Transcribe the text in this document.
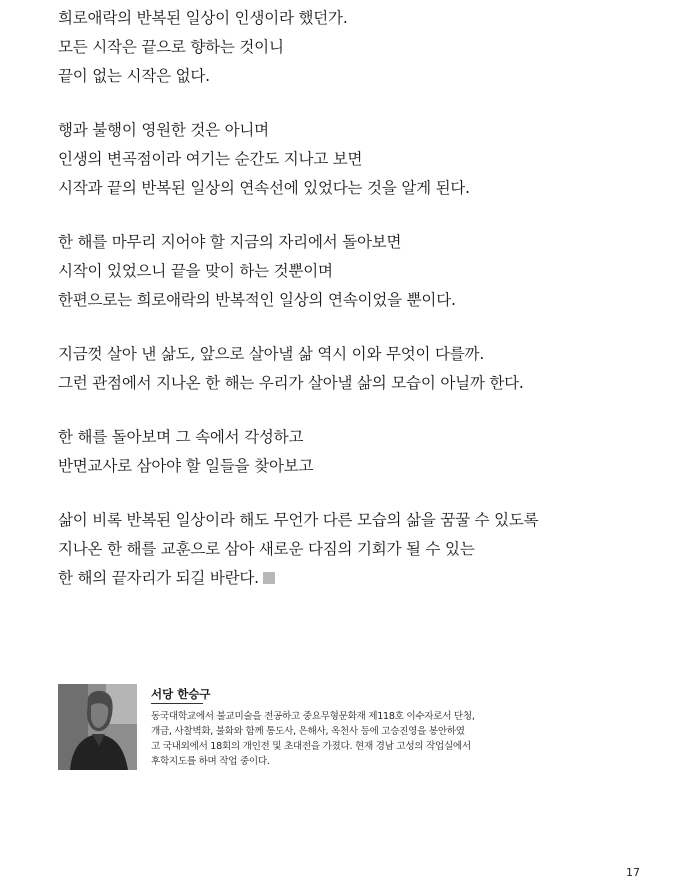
희로애락의 반복된 일상이 인생이라 했던가.
모든 시작은 끝으로 향하는 것이니
끝이 없는 시작은 없다.
행과 불행이 영원한 것은 아니며
인생의 변곡점이라 여기는 순간도 지나고 보면
시작과 끝의 반복된 일상의 연속선에 있었다는 것을 알게 된다.
한 해를 마무리 지어야 할 지금의 자리에서 돌아보면
시작이 있었으니 끝을 맞이 하는 것뿐이며
한편으로는 희로애락의 반복적인 일상의 연속이었을 뿐이다.
지금껏 살아 낸 삶도, 앞으로 살아낼 삶 역시 이와 무엇이 다를까.
그런 관점에서 지나온 한 해는 우리가 살아낼 삶의 모습이 아닐까 한다.
한 해를 돌아보며 그 속에서 각성하고
반면교사로 삼아야 할 일들을 찾아보고
삶이 비록 반복된 일상이라 해도 무언가 다른 모습의 삶을 꿈꿀 수 있도록
지나온 한 해를 교훈으로 삼아 새로운 다짐의 기회가 될 수 있는
한 해의 끝자리가 되길 바란다.
서당 한승구
동국대학교에서 불교미술을 전공하고 중요무형문화재 제118호 이수자로서 단청,
개금, 사찰벽화, 불화와 함께 통도사, 은해사, 옥천사 등에 고승진영을 봉안하였
고 국내외에서 18회의 개인전 및 초대전을 가졌다. 현재 경남 고성의 작업실에서
후학지도를 하며 작업 중이다.
17
